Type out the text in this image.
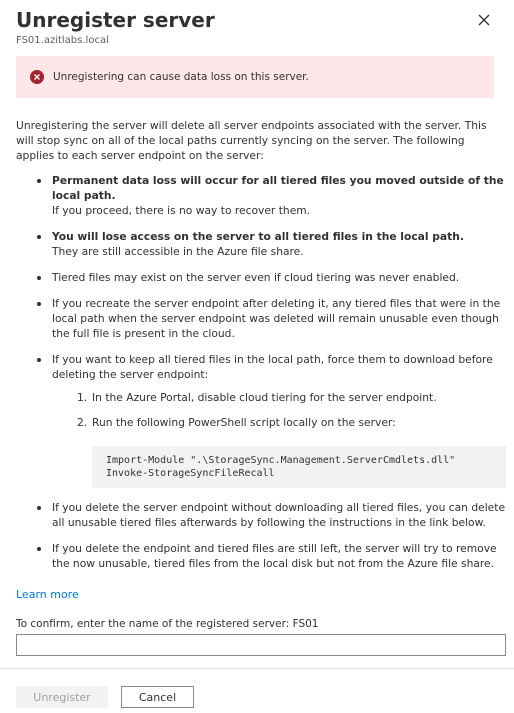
Unregister server
FS01.azitlabs.local
Unregistering can cause data loss on this server.

Unregistering the server will delete all server endpoints associated with the server. This will stop sync on all of the local paths currently syncing on the server. The following applies to each server endpoint on the server:

Permanent data loss will occur for all tiered files you moved outside of the local path.
If you proceed, there is no way to recover them.
You will lose access on the server to all tiered files in the local path.
They are still accessible in the Azure file share.
Tiered files may exist on the server even if cloud tiering was never enabled.
If you recreate the server endpoint after deleting it, any tiered files that were in the local path when the server endpoint was deleted will remain unusable even though the full file is present in the cloud.
If you want to keep all tiered files in the local path, force them to download before deleting the server endpoint:
1. In the Azure Portal, disable cloud tiering for the server endpoint.
2. Run the following PowerShell script locally on the server:
Import-Module ".\StorageSync.Management.ServerCmdlets.dll"
Invoke-StorageSyncFileRecall
If you delete the server endpoint without downloading all tiered files, you can delete all unusable tiered files afterwards by following the instructions in the link below.
If you delete the endpoint and tiered files are still left, the server will try to remove the now unusable, tiered files from the local disk but not from the Azure file share.
Learn more
To confirm, enter the name of the registered server: FS01
Unregister	Cancel
